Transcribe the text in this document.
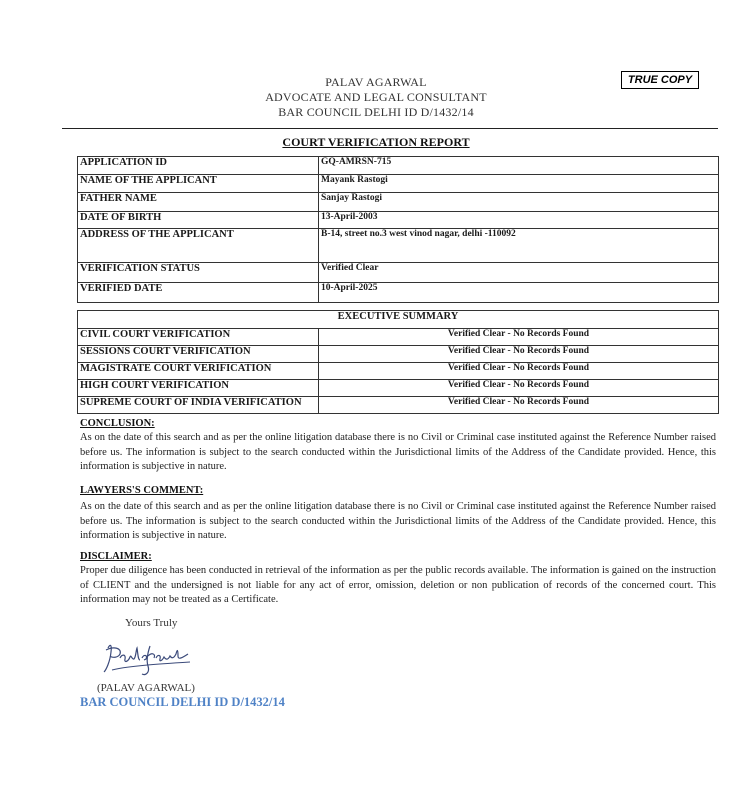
PALAV AGARWAL
ADVOCATE AND LEGAL CONSULTANT
BAR COUNCIL DELHI ID D/1432/14
TRUE COPY
COURT VERIFICATION REPORT
APPLICATION ID	GQ-AMRSN-715
NAME OF THE APPLICANT	Mayank Rastogi
FATHER NAME	Sanjay Rastogi
DATE OF BIRTH	13-April-2003
ADDRESS OF THE APPLICANT	B-14, street no.3 west vinod nagar, delhi -110092
VERIFICATION STATUS	Verified Clear
VERIFIED DATE	10-April-2025
EXECUTIVE SUMMARY	
CIVIL COURT VERIFICATION	Verified Clear - No Records Found
SESSIONS COURT VERIFICATION	Verified Clear - No Records Found
MAGISTRATE COURT VERIFICATION	Verified Clear - No Records Found
HIGH COURT VERIFICATION	Verified Clear - No Records Found
SUPREME COURT OF INDIA VERIFICATION	Verified Clear - No Records Found
CONCLUSION:
As on the date of this search and as per the online litigation database there is no Civil or Criminal case instituted against the Reference Number raised before us. The information is subject to the search conducted within the Jurisdictional limits of the Address of the Candidate provided. Hence, this information is subjective in nature.
LAWYERS'S COMMENT:
As on the date of this search and as per the online litigation database there is no Civil or Criminal case instituted against the Reference Number raised before us. The information is subject to the search conducted within the Jurisdictional limits of the Address of the Candidate provided. Hence, this information is subjective in nature.
DISCLAIMER:
Proper due diligence has been conducted in retrieval of the information as per the public records available. The information is gained on the instruction of CLIENT and the undersigned is not liable for any act of error, omission, deletion or non publication of records of the concerned court. This information may not be treated as a Certificate.
Yours Truly
(PALAV AGARWAL)
BAR COUNCIL DELHI ID D/1432/14
